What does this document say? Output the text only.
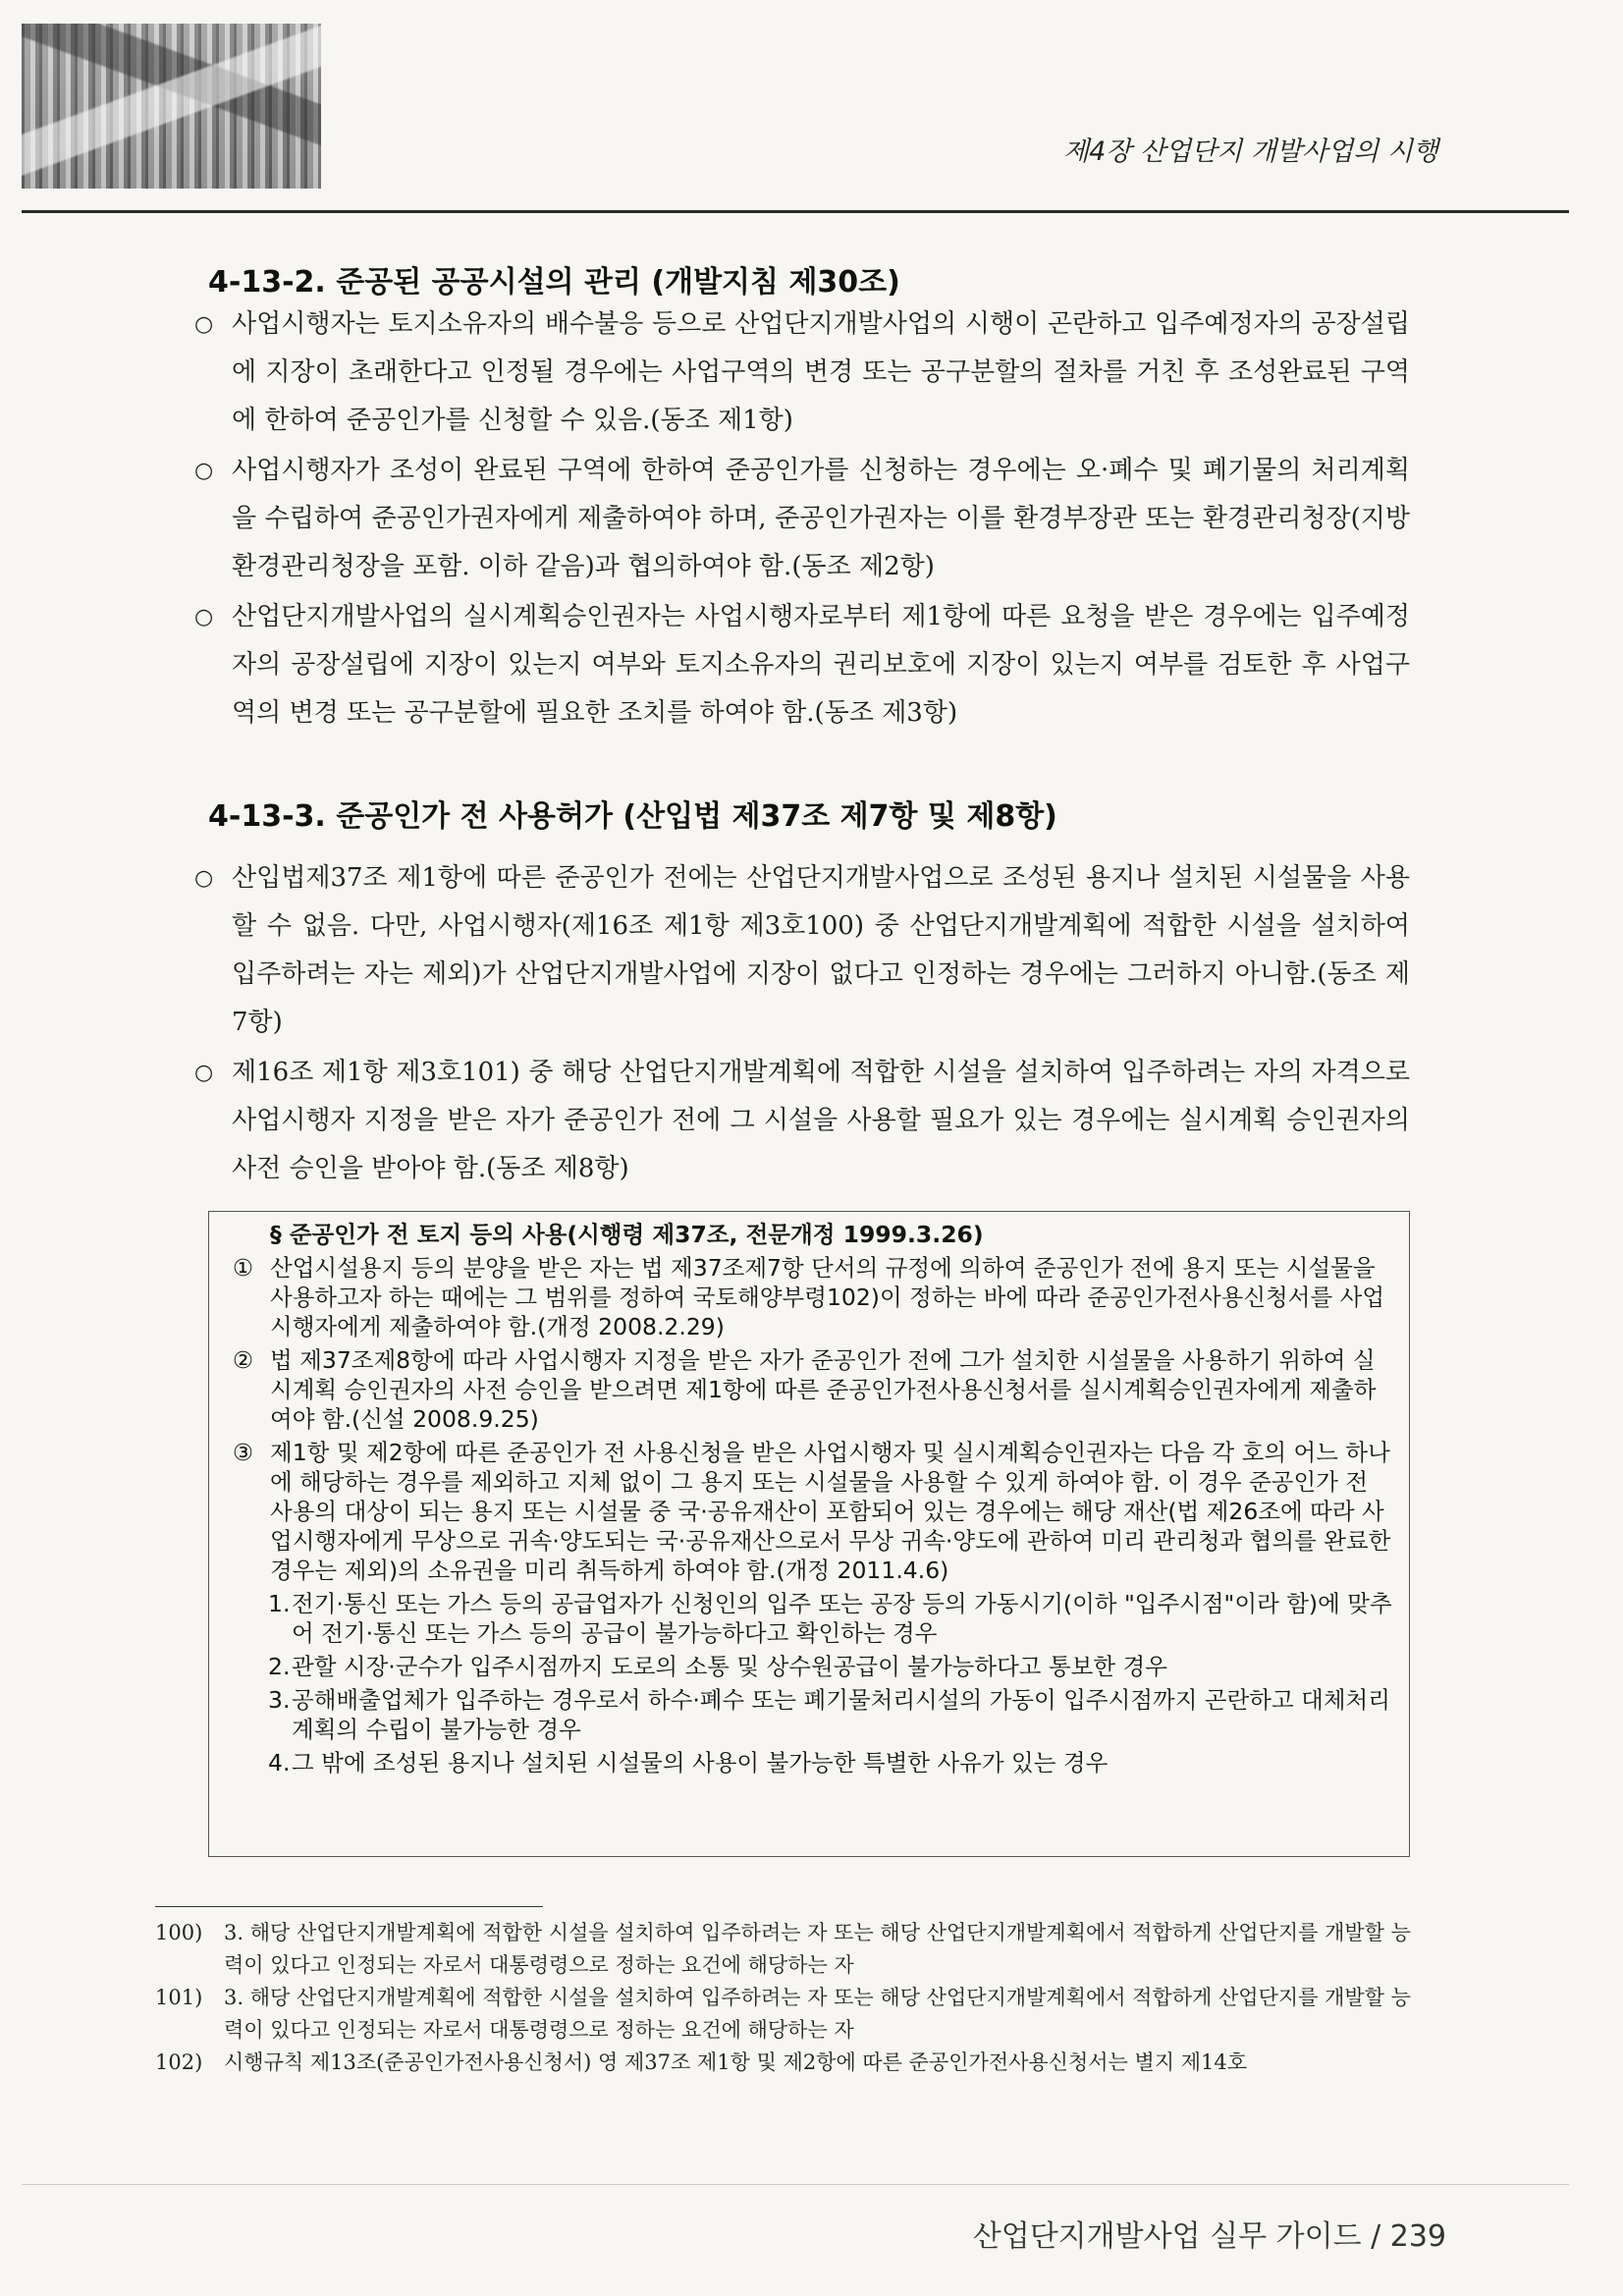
제4장 산업단지 개발사업의 시행
4-13-2. 준공된 공공시설의 관리 (개발지침 제30조)
○ 사업시행자는 토지소유자의 배수불응 등으로 산업단지개발사업의 시행이 곤란하고 입주예정자의 공장설립에 지장이 초래한다고 인정될 경우에는 사업구역의 변경 또는 공구분할의 절차를 거친 후 조성완료된 구역에 한하여 준공인가를 신청할 수 있음.(동조 제1항)
○ 사업시행자가 조성이 완료된 구역에 한하여 준공인가를 신청하는 경우에는 오·폐수 및 폐기물의 처리계획을 수립하여 준공인가권자에게 제출하여야 하며, 준공인가권자는 이를 환경부장관 또는 환경관리청장(지방환경관리청장을 포함. 이하 같음)과 협의하여야 함.(동조 제2항)
○ 산업단지개발사업의 실시계획승인권자는 사업시행자로부터 제1항에 따른 요청을 받은 경우에는 입주예정자의 공장설립에 지장이 있는지 여부와 토지소유자의 권리보호에 지장이 있는지 여부를 검토한 후 사업구역의 변경 또는 공구분할에 필요한 조치를 하여야 함.(동조 제3항)
4-13-3. 준공인가 전 사용허가 (산입법 제37조 제7항 및 제8항)
○ 산입법제37조 제1항에 따른 준공인가 전에는 산업단지개발사업으로 조성된 용지나 설치된 시설물을 사용할 수 없음. 다만, 사업시행자(제16조 제1항 제3호100) 중 산업단지개발계획에 적합한 시설을 설치하여 입주하려는 자는 제외)가 산업단지개발사업에 지장이 없다고 인정하는 경우에는 그러하지 아니함.(동조 제7항)
○ 제16조 제1항 제3호101) 중 해당 산업단지개발계획에 적합한 시설을 설치하여 입주하려는 자의 자격으로 사업시행자 지정을 받은 자가 준공인가 전에 그 시설을 사용할 필요가 있는 경우에는 실시계획 승인권자의 사전 승인을 받아야 함.(동조 제8항)
§ 준공인가 전 토지 등의 사용(시행령 제37조, 전문개정 1999.3.26)
① 산업시설용지 등의 분양을 받은 자는 법 제37조제7항 단서의 규정에 의하여 준공인가 전에 용지 또는 시설물을 사용하고자 하는 때에는 그 범위를 정하여 국토해양부령102)이 정하는 바에 따라 준공인가전사용신청서를 사업시행자에게 제출하여야 함.(개정 2008.2.29)
② 법 제37조제8항에 따라 사업시행자 지정을 받은 자가 준공인가 전에 그가 설치한 시설물을 사용하기 위하여 실시계획 승인권자의 사전 승인을 받으려면 제1항에 따른 준공인가전사용신청서를 실시계획승인권자에게 제출하여야 함.(신설 2008.9.25)
③ 제1항 및 제2항에 따른 준공인가 전 사용신청을 받은 사업시행자 및 실시계획승인권자는 다음 각 호의 어느 하나에 해당하는 경우를 제외하고 지체 없이 그 용지 또는 시설물을 사용할 수 있게 하여야 함. 이 경우 준공인가 전 사용의 대상이 되는 용지 또는 시설물 중 국·공유재산이 포함되어 있는 경우에는 해당 재산(법 제26조에 따라 사업시행자에게 무상으로 귀속·양도되는 국·공유재산으로서 무상 귀속·양도에 관하여 미리 관리청과 협의를 완료한 경우는 제외)의 소유권을 미리 취득하게 하여야 함.(개정 2011.4.6)
1. 전기·통신 또는 가스 등의 공급업자가 신청인의 입주 또는 공장 등의 가동시기(이하 "입주시점"이라 함)에 맞추어 전기·통신 또는 가스 등의 공급이 불가능하다고 확인하는 경우
2. 관할 시장·군수가 입주시점까지 도로의 소통 및 상수원공급이 불가능하다고 통보한 경우
3. 공해배출업체가 입주하는 경우로서 하수·폐수 또는 폐기물처리시설의 가동이 입주시점까지 곤란하고 대체처리 계획의 수립이 불가능한 경우
4. 그 밖에 조성된 용지나 설치된 시설물의 사용이 불가능한 특별한 사유가 있는 경우
100) 3. 해당 산업단지개발계획에 적합한 시설을 설치하여 입주하려는 자 또는 해당 산업단지개발계획에서 적합하게 산업단지를 개발할 능력이 있다고 인정되는 자로서 대통령령으로 정하는 요건에 해당하는 자
101) 3. 해당 산업단지개발계획에 적합한 시설을 설치하여 입주하려는 자 또는 해당 산업단지개발계획에서 적합하게 산업단지를 개발할 능력이 있다고 인정되는 자로서 대통령령으로 정하는 요건에 해당하는 자
102) 시행규칙 제13조(준공인가전사용신청서) 영 제37조 제1항 및 제2항에 따른 준공인가전사용신청서는 별지 제14호
산업단지개발사업 실무 가이드 / 239
